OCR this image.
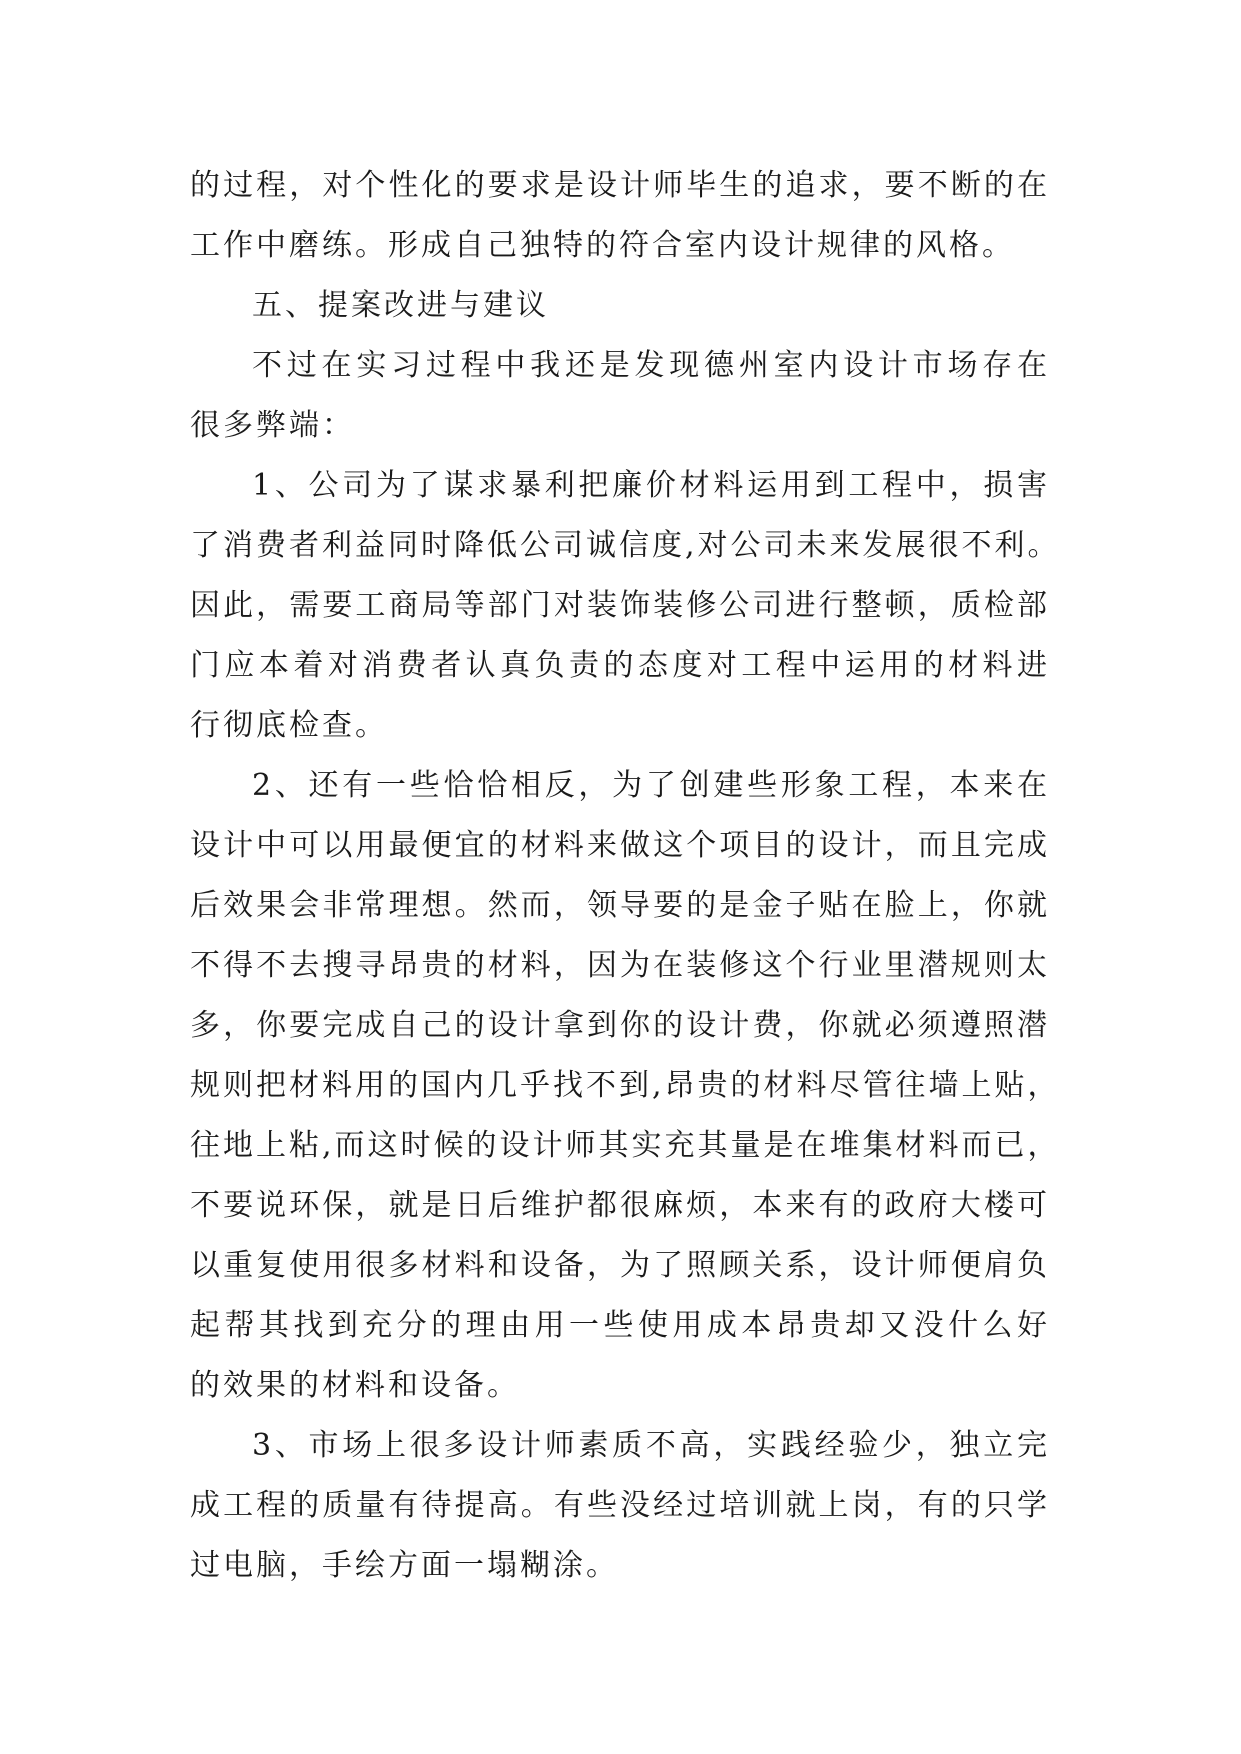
的过程，对个性化的要求是设计师毕生的追求，要不断的在
工作中磨练。形成自己独特的符合室内设计规律的风格。
五、提案改进与建议
不过在实习过程中我还是发现德州室内设计市场存在
很多弊端：
1、公司为了谋求暴利把廉价材料运用到工程中，损害
了消费者利益同时降低公司诚信度,对公司未来发展很不利。
因此，需要工商局等部门对装饰装修公司进行整顿，质检部
门应本着对消费者认真负责的态度对工程中运用的材料进
行彻底检查。
2、还有一些恰恰相反，为了创建些形象工程，本来在
设计中可以用最便宜的材料来做这个项目的设计，而且完成
后效果会非常理想。然而，领导要的是金子贴在脸上，你就
不得不去搜寻昂贵的材料，因为在装修这个行业里潜规则太
多，你要完成自己的设计拿到你的设计费，你就必须遵照潜
规则把材料用的国内几乎找不到,昂贵的材料尽管往墙上贴，
往地上粘,而这时候的设计师其实充其量是在堆集材料而已，
不要说环保，就是日后维护都很麻烦，本来有的政府大楼可
以重复使用很多材料和设备，为了照顾关系，设计师便肩负
起帮其找到充分的理由用一些使用成本昂贵却又没什么好
的效果的材料和设备。
3、市场上很多设计师素质不高，实践经验少，独立完
成工程的质量有待提高。有些没经过培训就上岗，有的只学
过电脑，手绘方面一塌糊涂。
